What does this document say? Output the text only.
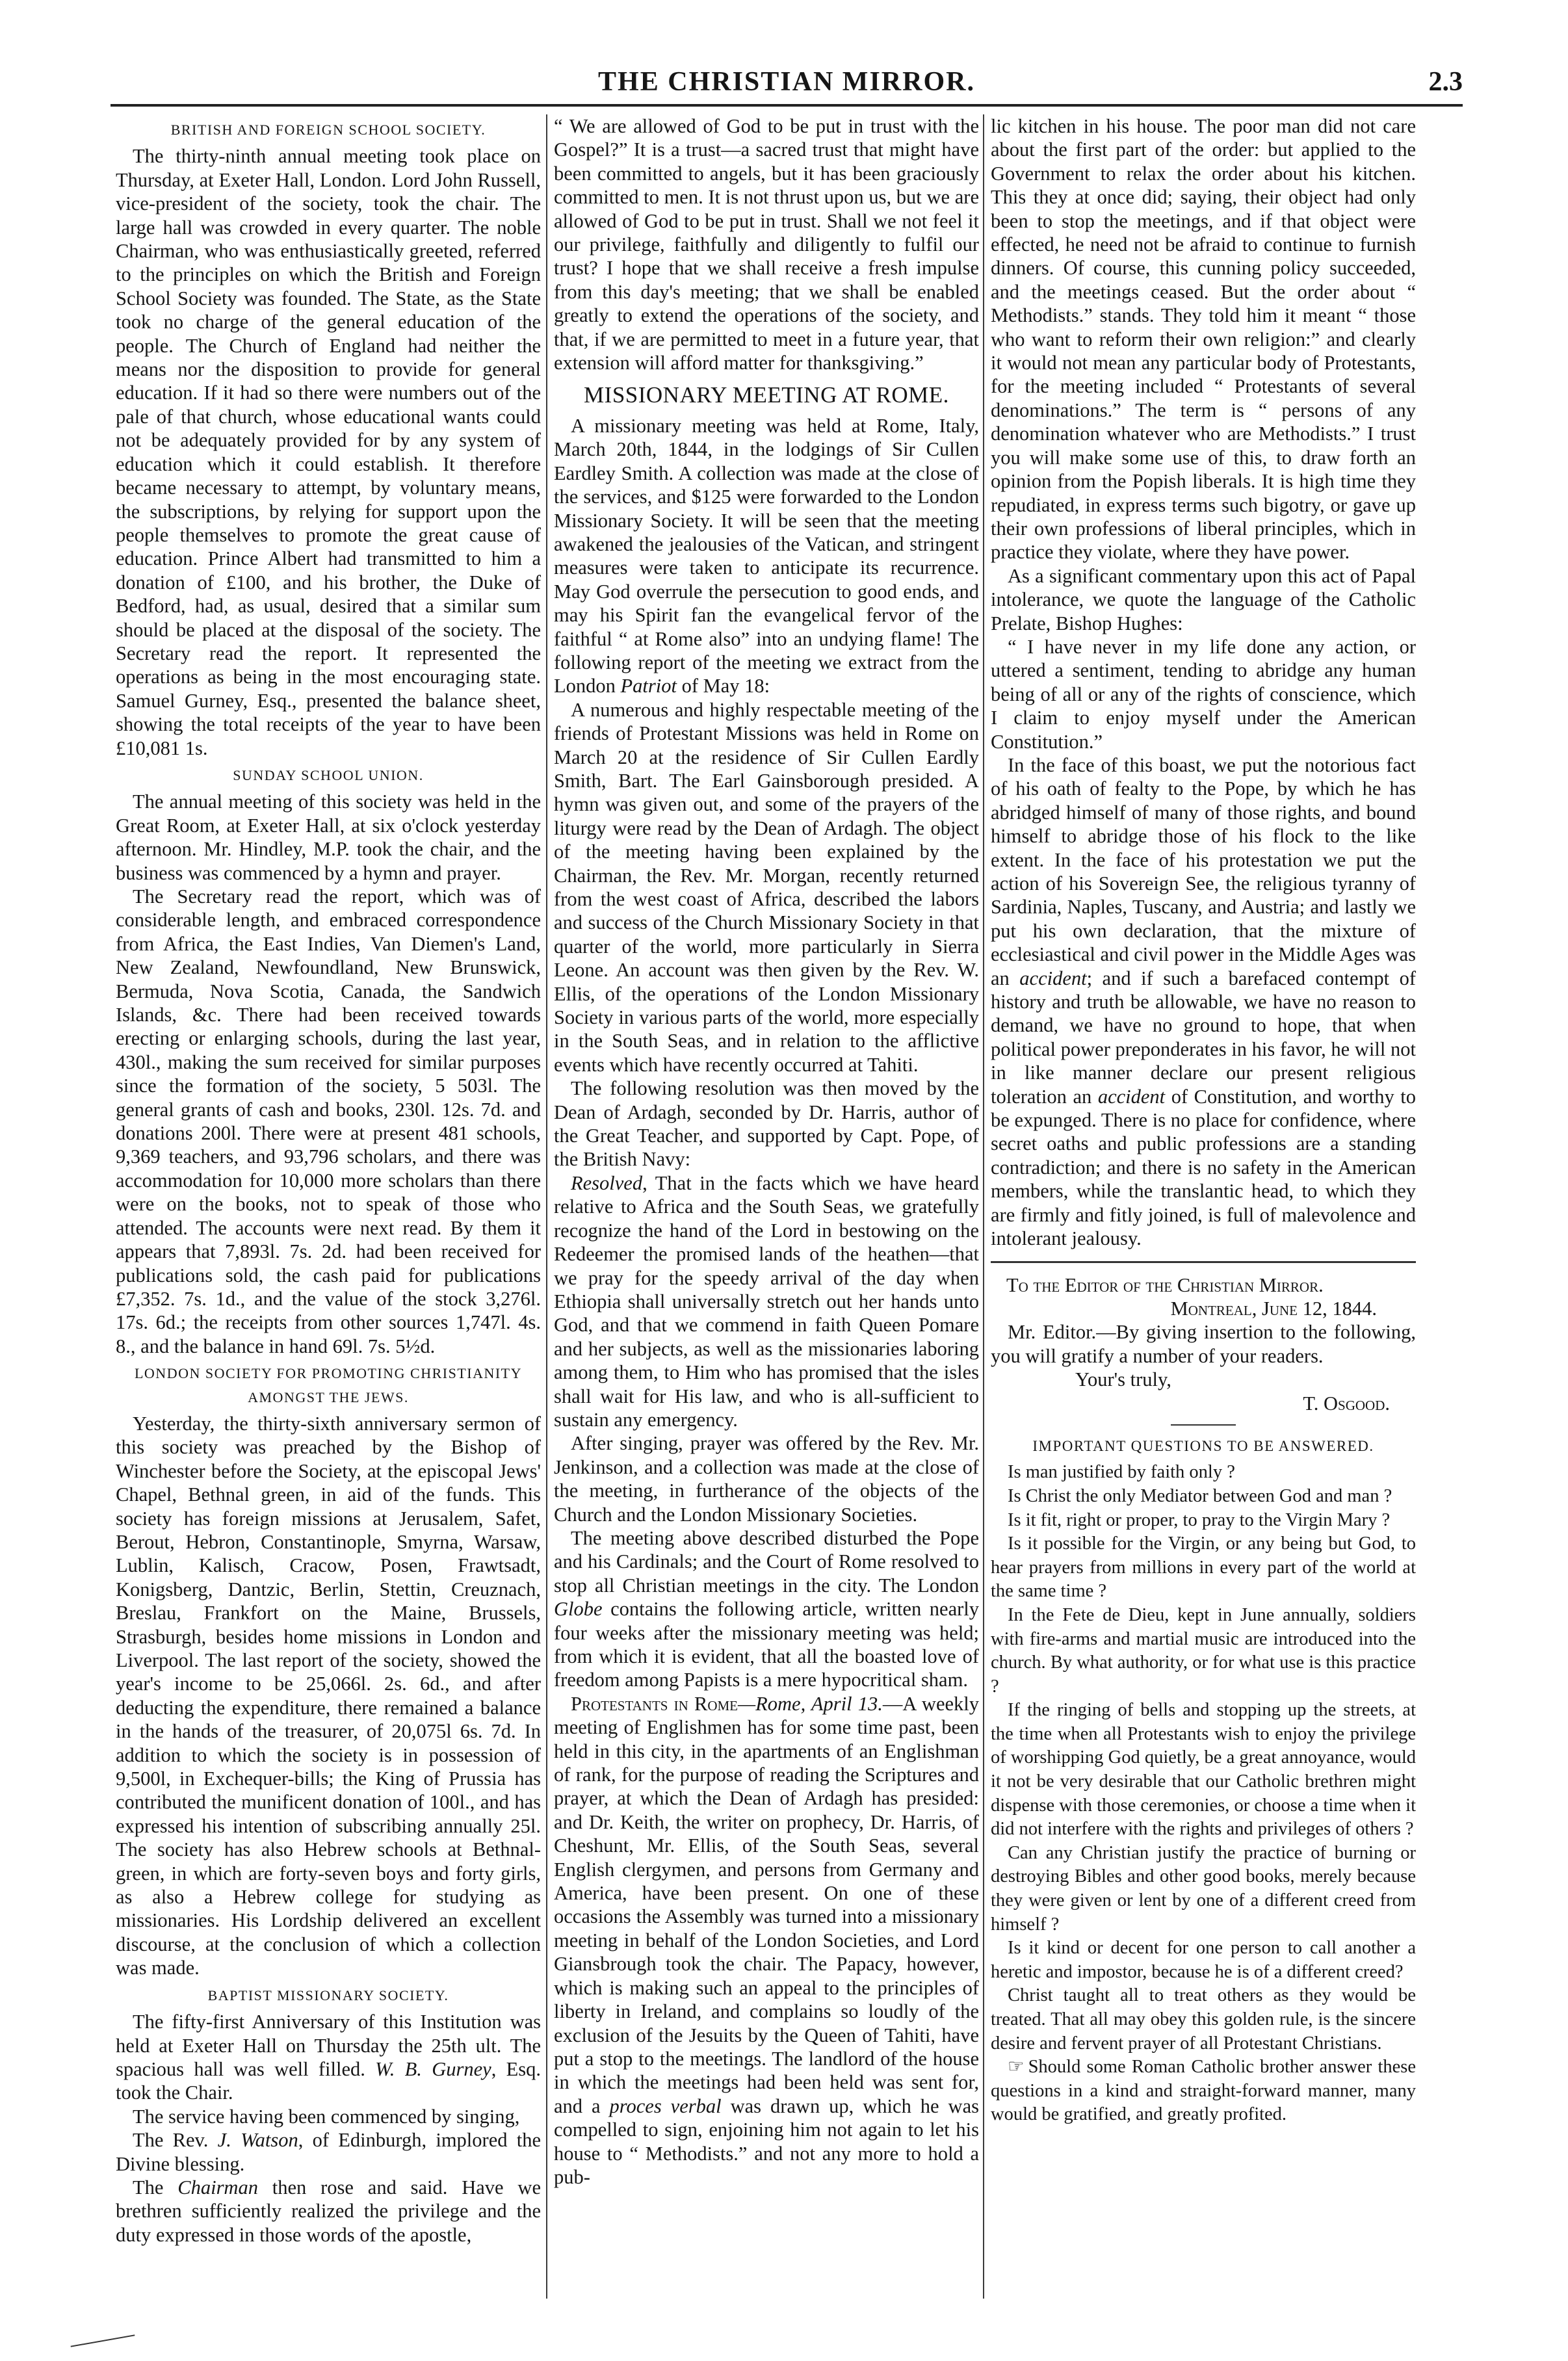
THE CHRISTIAN MIRROR.	2.3
BRITISH AND FOREIGN SCHOOL SOCIETY.

The thirty-ninth annual meeting took place on Thursday, at Exeter Hall, London. Lord John Russell, vice-president of the society, took the chair. The large hall was crowded in every quarter. The noble Chairman, who was enthusiastically greeted, referred to the principles on which the British and Foreign School Society was founded. The State, as the State took no charge of the general education of the people. The Church of England had neither the means nor the disposition to provide for general education. If it had so there were numbers out of the pale of that church, whose educational wants could not be adequately provided for by any system of education which it could establish. It therefore became necessary to attempt, by voluntary means, the subscriptions, by relying for support upon the people themselves to promote the great cause of education. Prince Albert had transmitted to him a donation of £100, and his brother, the Duke of Bedford, had, as usual, desired that a similar sum should be placed at the disposal of the society. The Secretary read the report. It represented the operations as being in the most encouraging state. Samuel Gurney, Esq., presented the balance sheet, showing the total receipts of the year to have been £10,081 1s.

SUNDAY SCHOOL UNION.

The annual meeting of this society was held in the Great Room, at Exeter Hall, at six o'clock yesterday afternoon. Mr. Hindley, M.P. took the chair, and the business was commenced by a hymn and prayer.

The Secretary read the report, which was of considerable length, and embraced correspondence from Africa, the East Indies, Van Diemen's Land, New Zealand, Newfoundland, New Brunswick, Bermuda, Nova Scotia, Canada, the Sandwich Islands, &c. There had been received towards erecting or enlarging schools, during the last year, 430l., making the sum received for similar purposes since the formation of the society, 5 503l. The general grants of cash and books, 230l. 12s. 7d. and donations 200l. There were at present 481 schools, 9,369 teachers, and 93,796 scholars, and there was accommodation for 10,000 more scholars than there were on the books, not to speak of those who attended. The accounts were next read. By them it appears that 7,893l. 7s. 2d. had been received for publications sold, the cash paid for publications £7,352. 7s. 1d., and the value of the stock 3,276l. 17s. 6d.; the receipts from other sources 1,747l. 4s. 8., and the balance in hand 69l. 7s. 5½d.

LONDON SOCIETY FOR PROMOTING CHRISTIANITY AMONGST THE JEWS.

Yesterday, the thirty-sixth anniversary sermon of this society was preached by the Bishop of Winchester before the Society, at the episcopal Jews' Chapel, Bethnal green, in aid of the funds. This society has foreign missions at Jerusalem, Safet, Berout, Hebron, Constantinople, Smyrna, Warsaw, Lublin, Kalisch, Cracow, Posen, Frawtsadt, Konigsberg, Dantzic, Berlin, Stettin, Creuznach, Breslau, Frankfort on the Maine, Brussels, Strasburgh, besides home missions in London and Liverpool. The last report of the society, showed the year's income to be 25,066l. 2s. 6d., and after deducting the expenditure, there remained a balance in the hands of the treasurer, of 20,075l 6s. 7d. In addition to which the society is in possession of 9,500l, in Exchequer-bills; the King of Prussia has contributed the munificent donation of 100l., and has expressed his intention of subscribing annually 25l. The society has also Hebrew schools at Bethnal-green, in which are forty-seven boys and forty girls, as also a Hebrew college for studying as missionaries. His Lordship delivered an excellent discourse, at the conclusion of which a collection was made.

BAPTIST MISSIONARY SOCIETY.

The fifty-first Anniversary of this Institution was held at Exeter Hall on Thursday the 25th ult. The spacious hall was well filled. W. B. Gurney, Esq. took the Chair.

The service having been commenced by singing,

The Rev. J. Watson, of Edinburgh, implored the Divine blessing.

The Chairman then rose and said. Have we brethren sufficiently realized the privilege and the duty expressed in those words of the apostle,

“ We are allowed of God to be put in trust with the Gospel?” It is a trust—a sacred trust that might have been committed to angels, but it has been graciously committed to men. It is not thrust upon us, but we are allowed of God to be put in trust. Shall we not feel it our privilege, faithfully and diligently to fulfil our trust? I hope that we shall receive a fresh impulse from this day's meeting; that we shall be enabled greatly to extend the operations of the society, and that, if we are permitted to meet in a future year, that extension will afford matter for thanksgiving.”

MISSIONARY MEETING AT ROME.

A missionary meeting was held at Rome, Italy, March 20th, 1844, in the lodgings of Sir Cullen Eardley Smith. A collection was made at the close of the services, and $125 were forwarded to the London Missionary Society. It will be seen that the meeting awakened the jealousies of the Vatican, and stringent measures were taken to anticipate its recurrence. May God overrule the persecution to good ends, and may his Spirit fan the evangelical fervor of the faithful “ at Rome also” into an undying flame! The following report of the meeting we extract from the London Patriot of May 18:

A numerous and highly respectable meeting of the friends of Protestant Missions was held in Rome on March 20 at the residence of Sir Cullen Eardly Smith, Bart. The Earl Gainsborough presided. A hymn was given out, and some of the prayers of the liturgy were read by the Dean of Ardagh. The object of the meeting having been explained by the Chairman, the Rev. Mr. Morgan, recently returned from the west coast of Africa, described the labors and success of the Church Missionary Society in that quarter of the world, more particularly in Sierra Leone. An account was then given by the Rev. W. Ellis, of the operations of the London Missionary Society in various parts of the world, more especially in the South Seas, and in relation to the afflictive events which have recently occurred at Tahiti.

The following resolution was then moved by the Dean of Ardagh, seconded by Dr. Harris, author of the Great Teacher, and supported by Capt. Pope, of the British Navy:

Resolved, That in the facts which we have heard relative to Africa and the South Seas, we gratefully recognize the hand of the Lord in bestowing on the Redeemer the promised lands of the heathen—that we pray for the speedy arrival of the day when Ethiopia shall universally stretch out her hands unto God, and that we commend in faith Queen Pomare and her subjects, as well as the missionaries laboring among them, to Him who has promised that the isles shall wait for His law, and who is all-sufficient to sustain any emergency.

After singing, prayer was offered by the Rev. Mr. Jenkinson, and a collection was made at the close of the meeting, in furtherance of the objects of the Church and the London Missionary Societies.

The meeting above described disturbed the Pope and his Cardinals; and the Court of Rome resolved to stop all Christian meetings in the city. The London Globe contains the following article, written nearly four weeks after the missionary meeting was held; from which it is evident, that all the boasted love of freedom among Papists is a mere hypocritical sham.

Protestants in Rome—Rome, April 13.—A weekly meeting of Englishmen has for some time past, been held in this city, in the apartments of an Englishman of rank, for the purpose of reading the Scriptures and prayer, at which the Dean of Ardagh has presided: and Dr. Keith, the writer on prophecy, Dr. Harris, of Cheshunt, Mr. Ellis, of the South Seas, several English clergymen, and persons from Germany and America, have been present. On one of these occasions the Assembly was turned into a missionary meeting in behalf of the London Societies, and Lord Giansbrough took the chair. The Papacy, however, which is making such an appeal to the principles of liberty in Ireland, and complains so loudly of the exclusion of the Jesuits by the Queen of Tahiti, have put a stop to the meetings. The landlord of the house in which the meetings had been held was sent for, and a proces verbal was drawn up, which he was compelled to sign, enjoining him not again to let his house to “ Methodists.” and not any more to hold a pub-

lic kitchen in his house. The poor man did not care about the first part of the order: but applied to the Government to relax the order about his kitchen. This they at once did; saying, their object had only been to stop the meetings, and if that object were effected, he need not be afraid to continue to furnish dinners. Of course, this cunning policy succeeded, and the meetings ceased. But the order about “ Methodists.” stands. They told him it meant “ those who want to reform their own religion:” and clearly it would not mean any particular body of Protestants, for the meeting included “ Protestants of several denominations.” The term is “ persons of any denomination whatever who are Methodists.” I trust you will make some use of this, to draw forth an opinion from the Popish liberals. It is high time they repudiated, in express terms such bigotry, or gave up their own professions of liberal principles, which in practice they violate, where they have power.

As a significant commentary upon this act of Papal intolerance, we quote the language of the Catholic Prelate, Bishop Hughes:

“ I have never in my life done any action, or uttered a sentiment, tending to abridge any human being of all or any of the rights of conscience, which I claim to enjoy myself under the American Constitution.”

In the face of this boast, we put the notorious fact of his oath of fealty to the Pope, by which he has abridged himself of many of those rights, and bound himself to abridge those of his flock to the like extent. In the face of his protestation we put the action of his Sovereign See, the religious tyranny of Sardinia, Naples, Tuscany, and Austria; and lastly we put his own declaration, that the mixture of ecclesiastical and civil power in the Middle Ages was an accident; and if such a barefaced contempt of history and truth be allowable, we have no reason to demand, we have no ground to hope, that when political power preponderates in his favor, he will not in like manner declare our present religious toleration an accident of Constitution, and worthy to be expunged. There is no place for confidence, where secret oaths and public professions are a standing contradiction; and there is no safety in the American members, while the translantic head, to which they are firmly and fitly joined, is full of malevolence and intolerant jealousy.

To the Editor of the Christian Mirror.

Montreal, June 12, 1844.

Mr. Editor.—By giving insertion to the following, you will gratify a number of your readers.

Your's truly,

T. Osgood.

IMPORTANT QUESTIONS TO BE ANSWERED.

Is man justified by faith only ?

Is Christ the only Mediator between God and man ?

Is it fit, right or proper, to pray to the Virgin Mary ?

Is it possible for the Virgin, or any being but God, to hear prayers from millions in every part of the world at the same time ?

In the Fete de Dieu, kept in June annually, soldiers with fire-arms and martial music are introduced into the church. By what authority, or for what use is this practice ?

If the ringing of bells and stopping up the streets, at the time when all Protestants wish to enjoy the privilege of worshipping God quietly, be a great annoyance, would it not be very desirable that our Catholic brethren might dispense with those ceremonies, or choose a time when it did not interfere with the rights and privileges of others ?

Can any Christian justify the practice of burning or destroying Bibles and other good books, merely because they were given or lent by one of a different creed from himself ?

Is it kind or decent for one person to call another a heretic and impostor, because he is of a different creed?

Christ taught all to treat others as they would be treated. That all may obey this golden rule, is the sincere desire and fervent prayer of all Protestant Christians.

☞ Should some Roman Catholic brother answer these questions in a kind and straight-forward manner, many would be gratified, and greatly profited.
